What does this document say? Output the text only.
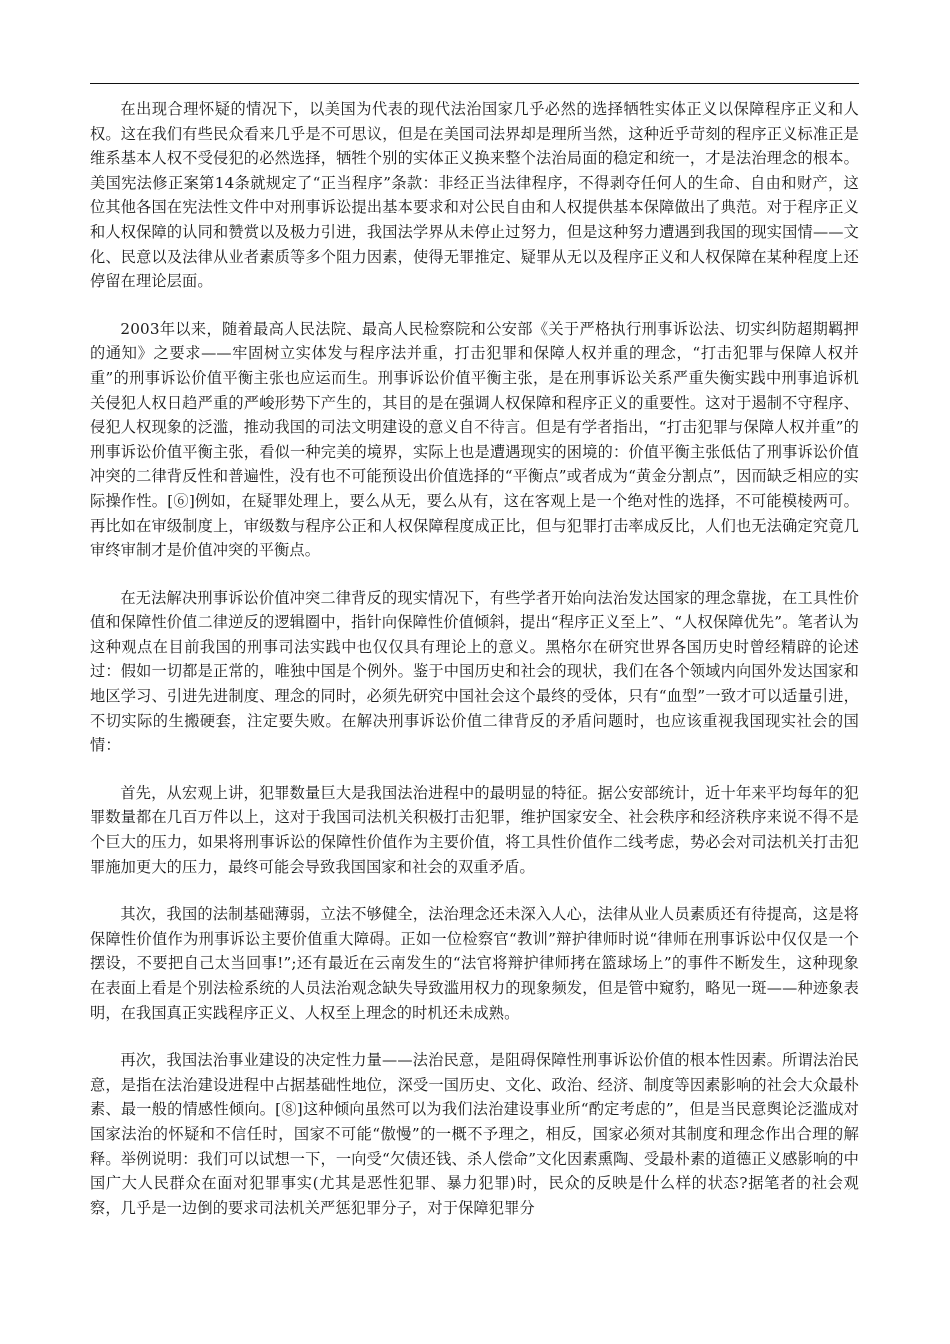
在出现合理怀疑的情况下，以美国为代表的现代法治国家几乎必然的选择牺牲实体正义以保障程序正义和人权。这在我们有些民众看来几乎是不可思议，但是在美国司法界却是理所当然，这种近乎苛刻的程序正义标准正是维系基本人权不受侵犯的必然选择，牺牲个别的实体正义换来整个法治局面的稳定和统一，才是法治理念的根本。美国宪法修正案第14条就规定了“正当程序”条款：非经正当法律程序，不得剥夺任何人的生命、自由和财产，这位其他各国在宪法性文件中对刑事诉讼提出基本要求和对公民自由和人权提供基本保障做出了典范。对于程序正义和人权保障的认同和赞赏以及极力引进，我国法学界从未停止过努力，但是这种努力遭遇到我国的现实国情——文化、民意以及法律从业者素质等多个阻力因素，使得无罪推定、疑罪从无以及程序正义和人权保障在某种程度上还停留在理论层面。

2003年以来，随着最高人民法院、最高人民检察院和公安部《关于严格执行刑事诉讼法、切实纠防超期羁押的通知》之要求——牢固树立实体发与程序法并重，打击犯罪和保障人权并重的理念，“打击犯罪与保障人权并重”的刑事诉讼价值平衡主张也应运而生。刑事诉讼价值平衡主张，是在刑事诉讼关系严重失衡实践中刑事追诉机关侵犯人权日趋严重的严峻形势下产生的，其目的是在强调人权保障和程序正义的重要性。这对于遏制不守程序、侵犯人权现象的泛滥，推动我国的司法文明建设的意义自不待言。但是有学者指出，“打击犯罪与保障人权并重”的刑事诉讼价值平衡主张，看似一种完美的境界，实际上也是遭遇现实的困境的：价值平衡主张低估了刑事诉讼价值冲突的二律背反性和普遍性，没有也不可能预设出价值选择的“平衡点”或者成为“黄金分割点”，因而缺乏相应的实际操作性。[⑥]例如，在疑罪处理上，要么从无，要么从有，这在客观上是一个绝对性的选择，不可能模棱两可。再比如在审级制度上，审级数与程序公正和人权保障程度成正比，但与犯罪打击率成反比，人们也无法确定究竟几审终审制才是价值冲突的平衡点。

在无法解决刑事诉讼价值冲突二律背反的现实情况下，有些学者开始向法治发达国家的理念靠拢，在工具性价值和保障性价值二律逆反的逻辑圈中，指针向保障性价值倾斜，提出“程序正义至上”、“人权保障优先”。笔者认为这种观点在目前我国的刑事司法实践中也仅仅具有理论上的意义。黑格尔在研究世界各国历史时曾经精辟的论述过：假如一切都是正常的，唯独中国是个例外。鉴于中国历史和社会的现状，我们在各个领域内向国外发达国家和地区学习、引进先进制度、理念的同时，必须先研究中国社会这个最终的受体，只有“血型”一致才可以适量引进，不切实际的生搬硬套，注定要失败。在解决刑事诉讼价值二律背反的矛盾问题时，也应该重视我国现实社会的国情：

首先，从宏观上讲，犯罪数量巨大是我国法治进程中的最明显的特征。据公安部统计，近十年来平均每年的犯罪数量都在几百万件以上，这对于我国司法机关积极打击犯罪，维护国家安全、社会秩序和经济秩序来说不得不是个巨大的压力，如果将刑事诉讼的保障性价值作为主要价值，将工具性价值作二线考虑，势必会对司法机关打击犯罪施加更大的压力，最终可能会导致我国国家和社会的双重矛盾。

其次，我国的法制基础薄弱，立法不够健全，法治理念还未深入人心，法律从业人员素质还有待提高，这是将保障性价值作为刑事诉讼主要价值重大障碍。正如一位检察官“教训”辩护律师时说“律师在刑事诉讼中仅仅是一个摆设，不要把自己太当回事!”;还有最近在云南发生的“法官将辩护律师拷在篮球场上”的事件不断发生，这种现象在表面上看是个别法检系统的人员法治观念缺失导致滥用权力的现象频发，但是管中窥豹，略见一斑——种迹象表明，在我国真正实践程序正义、人权至上理念的时机还未成熟。

再次，我国法治事业建设的决定性力量——法治民意，是阻碍保障性刑事诉讼价值的根本性因素。所谓法治民意，是指在法治建设进程中占据基础性地位，深受一国历史、文化、政治、经济、制度等因素影响的社会大众最朴素、最一般的情感性倾向。[⑧]这种倾向虽然可以为我们法治建设事业所“酌定考虑的”，但是当民意舆论泛滥成对国家法治的怀疑和不信任时，国家不可能“傲慢”的一概不予理之，相反，国家必须对其制度和理念作出合理的解释。举例说明：我们可以试想一下，一向受“欠债还钱、杀人偿命”文化因素熏陶、受最朴素的道德正义感影响的中国广大人民群众在面对犯罪事实(尤其是恶性犯罪、暴力犯罪)时，民众的反映是什么样的状态?据笔者的社会观察，几乎是一边倒的要求司法机关严惩犯罪分子，对于保障犯罪分
